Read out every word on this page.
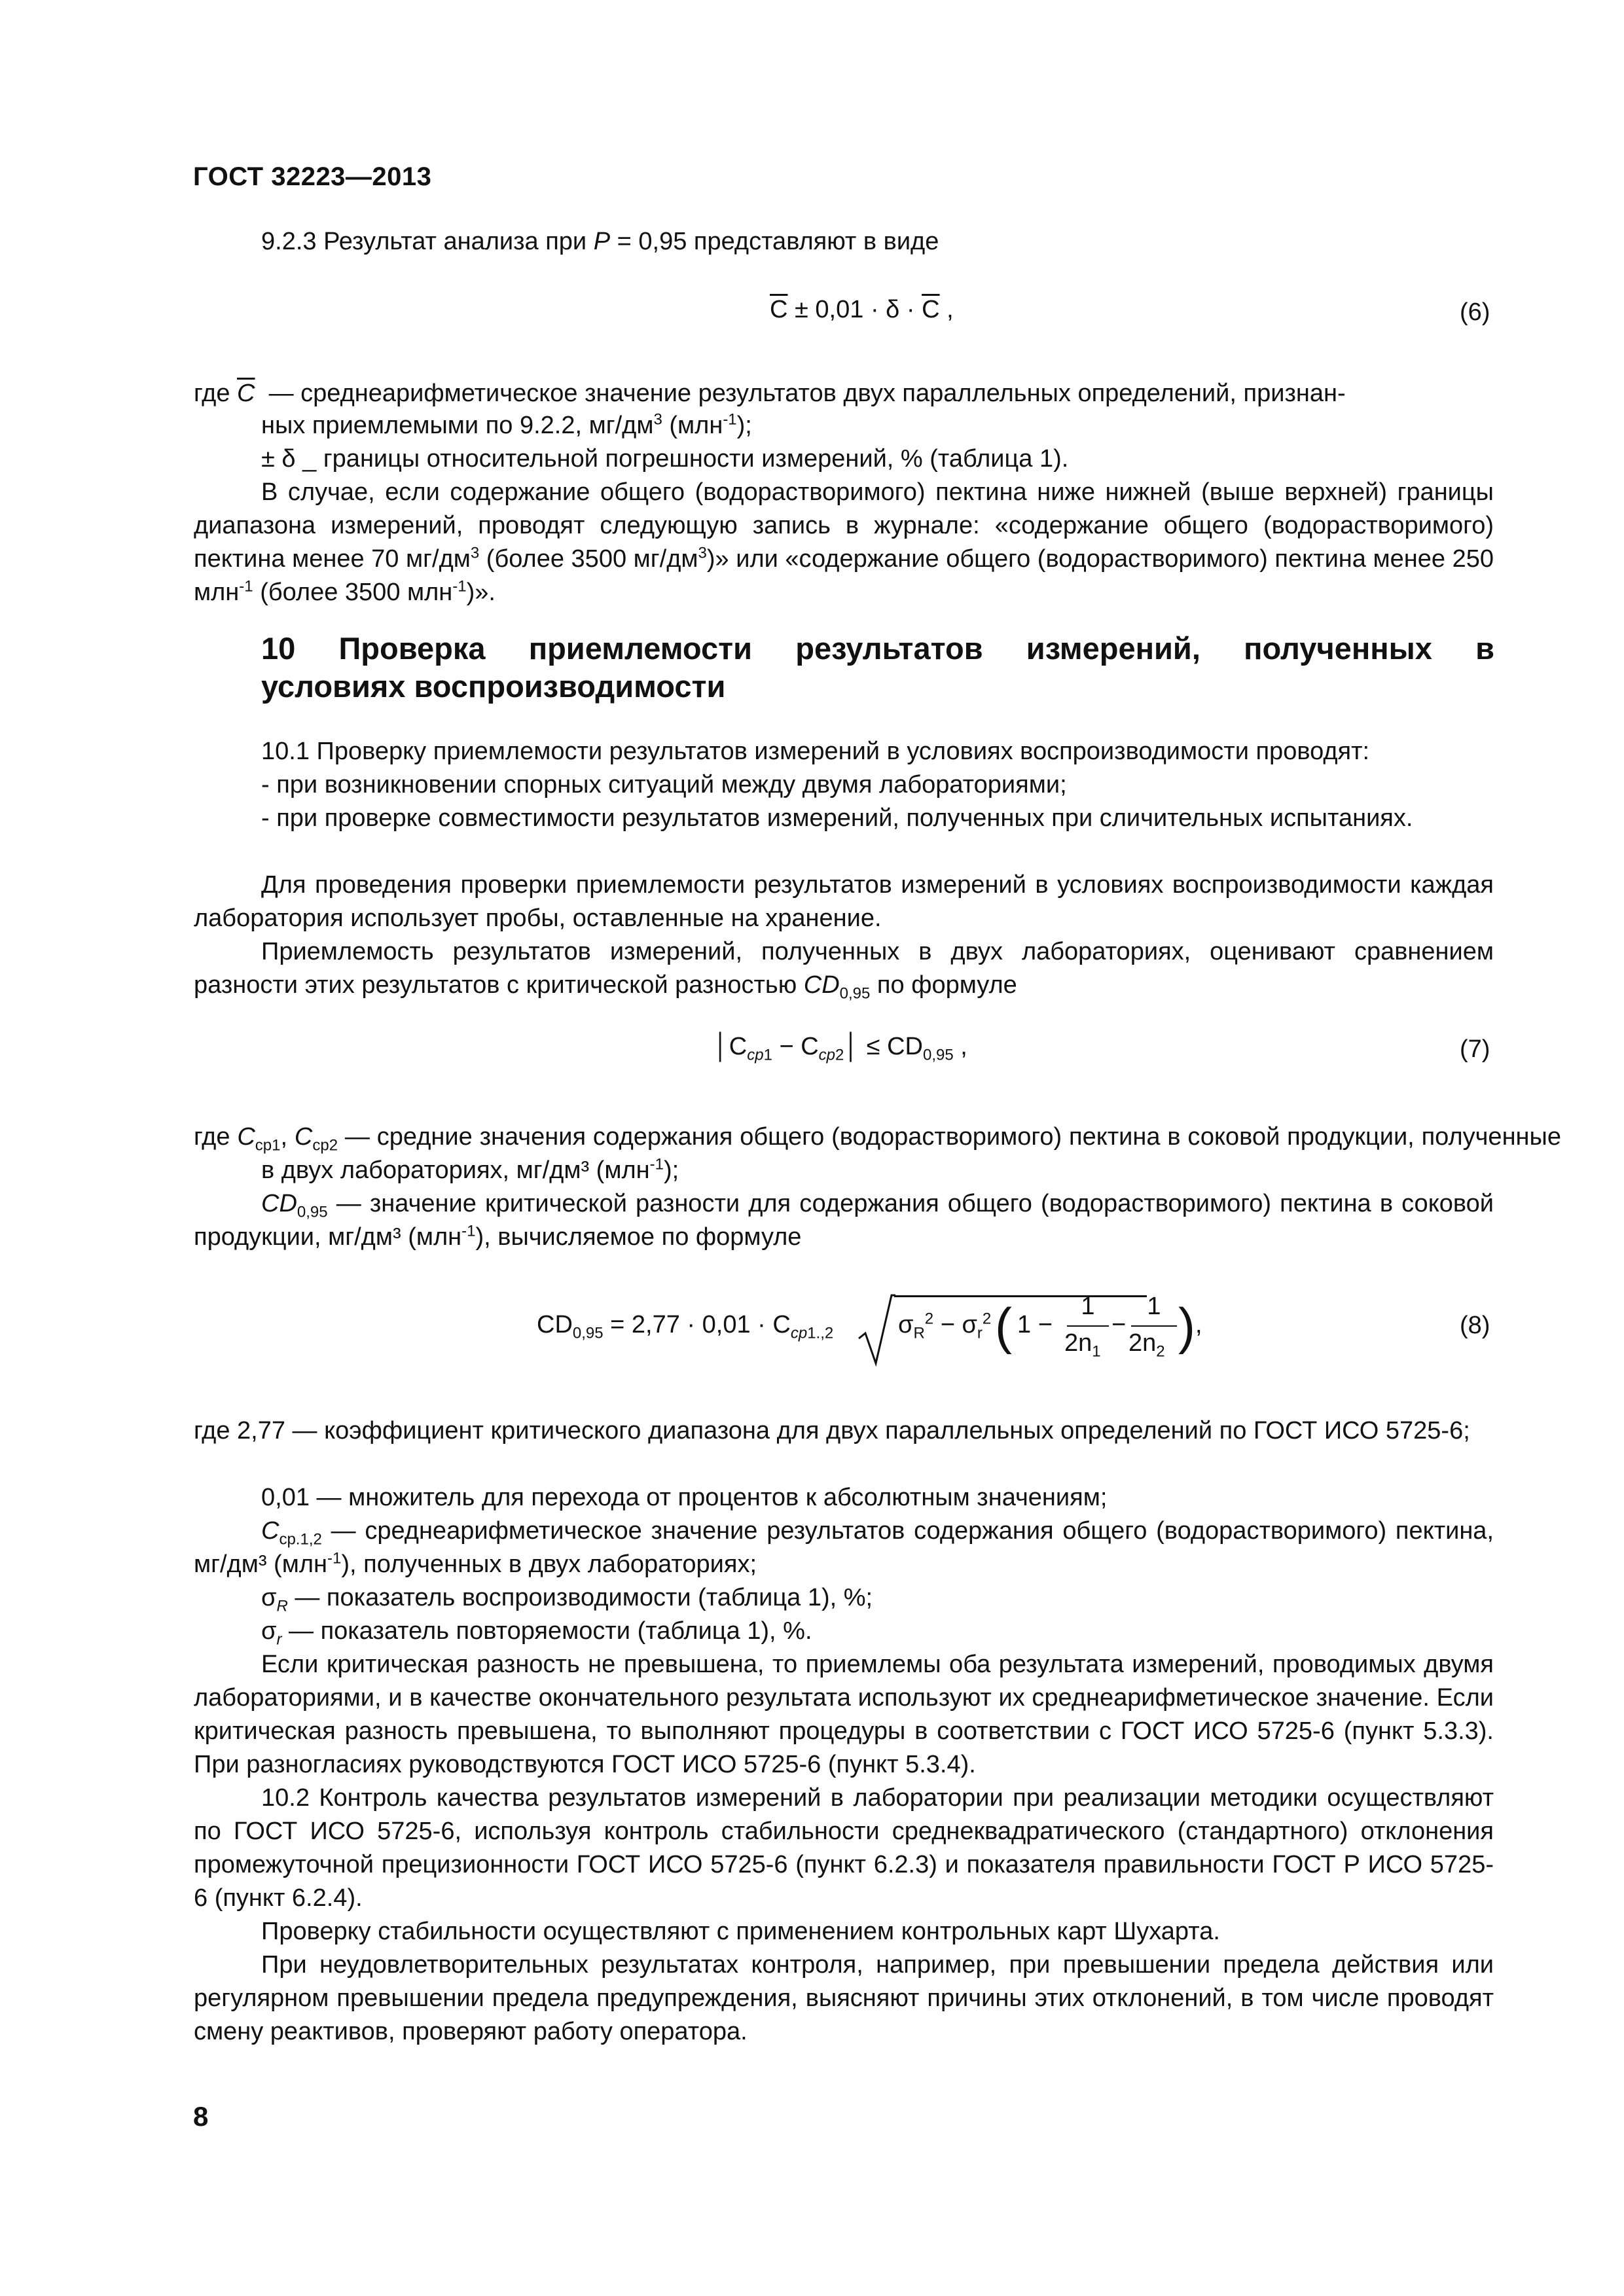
ГОСТ 32223—2013
9.2.3 Результат анализа при P = 0,95 представляют в виде
$\overline{C} \pm 0,01 \cdot \delta \cdot \overline{C}$ ,	(6)

где $\overline{C}$  — среднеарифметическое значение результатов двух параллельных определений, признан-

ных приемлемыми по 9.2.2, $мг/дм^3$ (млн$^{-1}$);
± δ _ границы относительной погрешности измерений, % (таблица 1).

В случае, если содержание общего (водорастворимого) пектина ниже нижней (выше верхней) границы диапазона измерений, проводят следующую запись в журнале: «содержание общего (водорастворимого) пектина менее 70 $мг/дм^3$ (более 3500 $мг/дм^3$)» или «содержание общего (водорастворимого) пектина менее 250 млн$^{-1}$ (более 3500 млн$^{-1}$)».

10 Проверка приемлемости результатов измерений, полученных в
условиях воспроизводимости
10.1 Проверку приемлемости результатов измерений в условиях воспроизводимости проводят:
- при возникновении спорных ситуаций между двумя лабораториями;

- при проверке совместимости результатов измерений, полученных при сличительных испытаниях.

Для проведения проверки приемлемости результатов измерений в условиях воспроизводимости каждая лаборатория использует пробы, оставленные на хранение.

Приемлемость результатов измерений, полученных в двух лабораториях, оценивают сравнением разности этих результатов с критической разностью $CD_{0,95}$ по формуле

$│C_{cp1}$ − $C_{cp2}│ \le CD_{0,95}$ ,	(7)

где $C_{ср1}$, $C_{ср2}$ — средние значения содержания общего (водорастворимого) пектина в соковой продукции, полученные в двух лабораториях, мг/дм³ (млн$^{-1}$);

$CD_{0,95}$ — значение критической разности для содержания общего (водорастворимого) пектина в соковой продукции, мг/дм³ (млн$^{-1}$), вычисляемое по формуле

$CD_{0,95} = 2,77 \cdot 0,01 \cdot C_{cp1.,2}$	$\sigma_R^2 - \sigma_r^2$ ( 1 −
1
$2n_1$
−
1
$2n_2$ ) ,	(8)

где 2,77 — коэффициент критического диапазона для двух параллельных определений по ГОСТ ИСО 5725-6;

0,01 — множитель для перехода от процентов к абсолютным значениям;

$C_{ср.1,2}$ — среднеарифметическое значение результатов содержания общего (водорастворимого) пектина, мг/дм³ (млн$^{-1}$), полученных в двух лабораториях;

$\sigma_R$ — показатель воспроизводимости (таблица 1), %;
$\sigma_r$ — показатель повторяемости (таблица 1), %.

Если критическая разность не превышена, то приемлемы оба результата измерений, проводимых двумя лабораториями, и в качестве окончательного результата используют их среднеарифметическое значение. Если критическая разность превышена, то выполняют процедуры в соответствии с ГОСТ ИСО 5725-6 (пункт 5.3.3). При разногласиях руководствуются ГОСТ ИСО 5725-6 (пункт 5.3.4).

10.2 Контроль качества результатов измерений в лаборатории при реализации методики осуществляют по ГОСТ ИСО 5725-6, используя контроль стабильности среднеквадратического (стандартного) отклонения промежуточной прецизионности ГОСТ ИСО 5725-6 (пункт 6.2.3) и показателя правильности ГОСТ Р ИСО 5725-6 (пункт 6.2.4).

Проверку стабильности осуществляют с применением контрольных карт Шухарта.

При неудовлетворительных результатах контроля, например, при превышении предела действия или регулярном превышении предела предупреждения, выясняют причины этих отклонений, в том числе проводят смену реактивов, проверяют работу оператора.

8
